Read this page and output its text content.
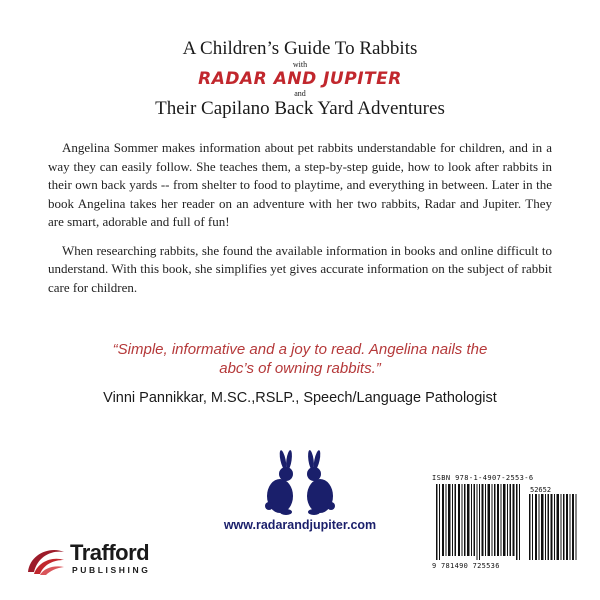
A Children’s Guide To Rabbits
with
RADAR AND JUPITER
and
Their Capilano Back Yard Adventures

Angelina Sommer makes information about pet rabbits understandable for children, and in a way they can easily follow. She teaches them, a step-by-step guide, how to look after rabbits in their own back yards -- from shelter to food to playtime, and everything in between. Later in the book Angelina takes her reader on an adventure with her two rabbits, Radar and Jupiter. They are smart, adorable and full of fun!

When researching rabbits, she found the available information in books and online difficult to understand. With this book, she simplifies yet gives accurate information on the subject of rabbit care for children.

“Simple, informative and a joy to read. Angelina nails the
abc’s of owning rabbits.”
Vinni Pannikkar, M.SC.,RSLP., Speech/Language Pathologist
www.radarandjupiter.com
Trafford
PUBLISHING
ISBN 978-1-4907-2553-6
52652
9 781490 725536
